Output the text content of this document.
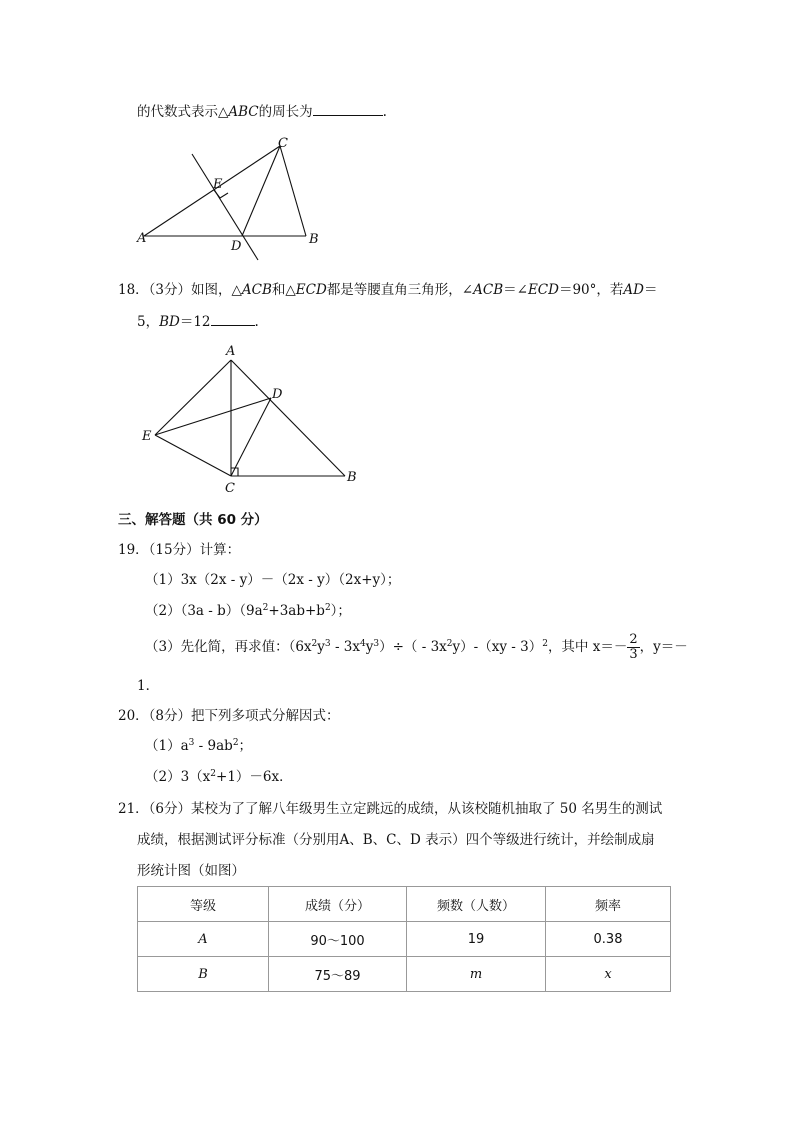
的代数式表示△ABC的周长为	.
C
E
A
D	B
18．（3分）如图，△ACB和△ECD都是等腰直角三角形，∠ACB＝∠ECD＝90°，若AD＝
5，BD＝12	.
A
D
E
C
B
三、解答题（共 60 分）
19．（15分）计算：
（1）3x（2x - y）－（2x - y）（2x+y）；
$(2)(3a - b)(9a^2+3ab+b^2)$；
（3）先化简，再求值：$(6x^2y^3 - 3x^4y^3)\div( - 3x^2y)-(xy - 3)^2$，其中 $x=- \frac{2}{3}$ ，y＝－
1．
20．（8分）把下列多项式分解因式：
$(1)a^3 - 9ab^2$；
$(2)3(x^2+1)-6x$．
21．（6分）某校为了了解八年级男生立定跳远的成绩，从该校随机抽取了 50 名男生的测试
成绩，根据测试评分标准（分别用A、B、C、D 表示）四个等级进行统计，并绘制成扇
形统计图（如图）
等级	成绩（分）	频数（人数）	频率
A	90～100	19	0.38
B	75～89	m	x
